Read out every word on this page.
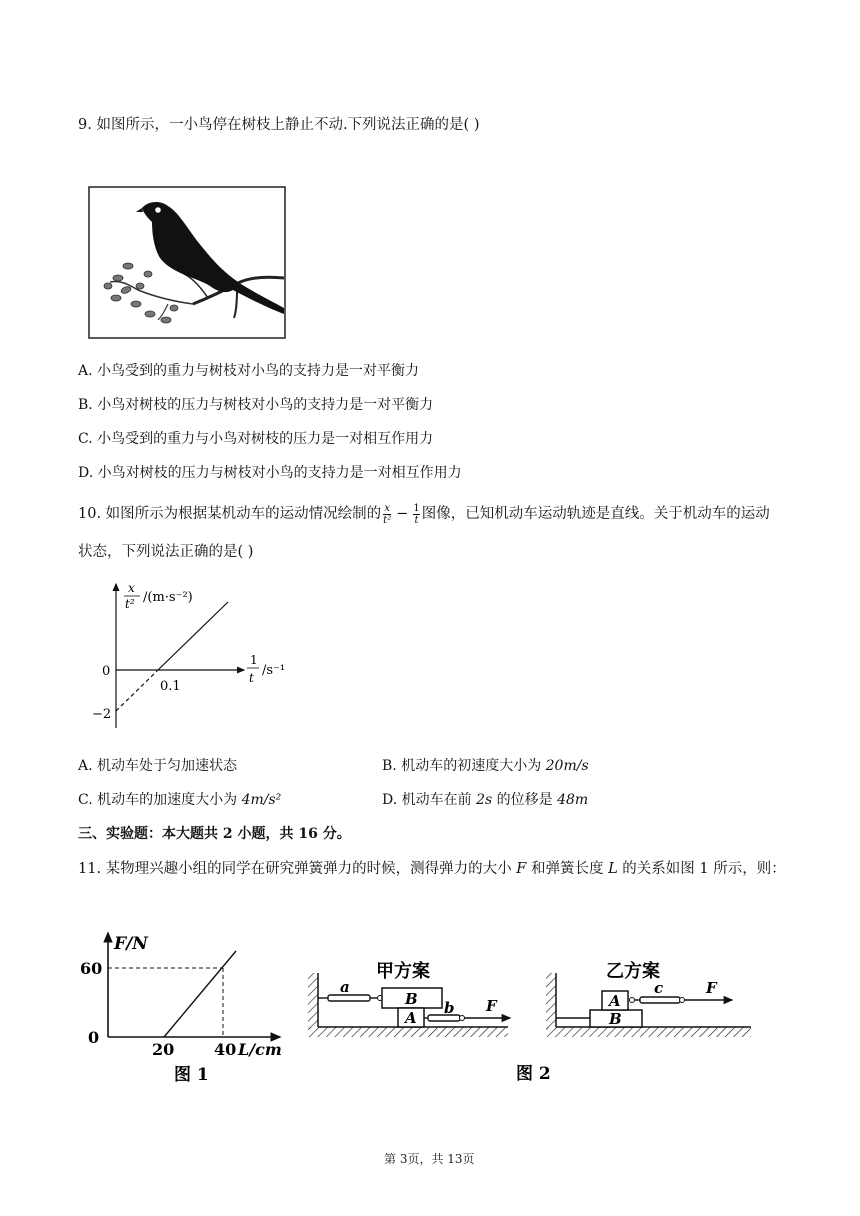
9. 如图所示，一小鸟停在树枝上静止不动.下列说法正确的是( )
A. 小鸟受到的重力与树枝对小鸟的支持力是一对平衡力
B. 小鸟对树枝的压力与树枝对小鸟的支持力是一对平衡力
C. 小鸟受到的重力与小鸟对树枝的压力是一对相互作用力
D. 小鸟对树枝的压力与树枝对小鸟的支持力是一对相互作用力
10. 如图所示为根据某机动车的运动情况绘制的 $\frac{x}{\text{t²}} - \frac{1}{t}$ 图像，已知机动车运动轨迹是直线。关于机动车的运动
状态，下列说法正确的是( )
x
t² /(m·s⁻²)
1
t /s⁻¹
0
0.1
−2
A. 机动车处于匀加速状态	B. 机动车的初速度大小为 20m/s
C. 机动车的加速度大小为 4m/s²	D. 机动车在前 2s 的位移是 48m
三、实验题：本大题共 2 小题，共 16 分。
11. 某物理兴趣小组的同学在研究弹簧弹力的时候，测得弹力的大小 F 和弹簧长度 L 的关系如图 1 所示，则：
F/N
60
0
20 40 L/cm
图 1
甲方案
a
B
A
b F
乙方案
B
A
c	F
图 2
第 3页，共 13页
